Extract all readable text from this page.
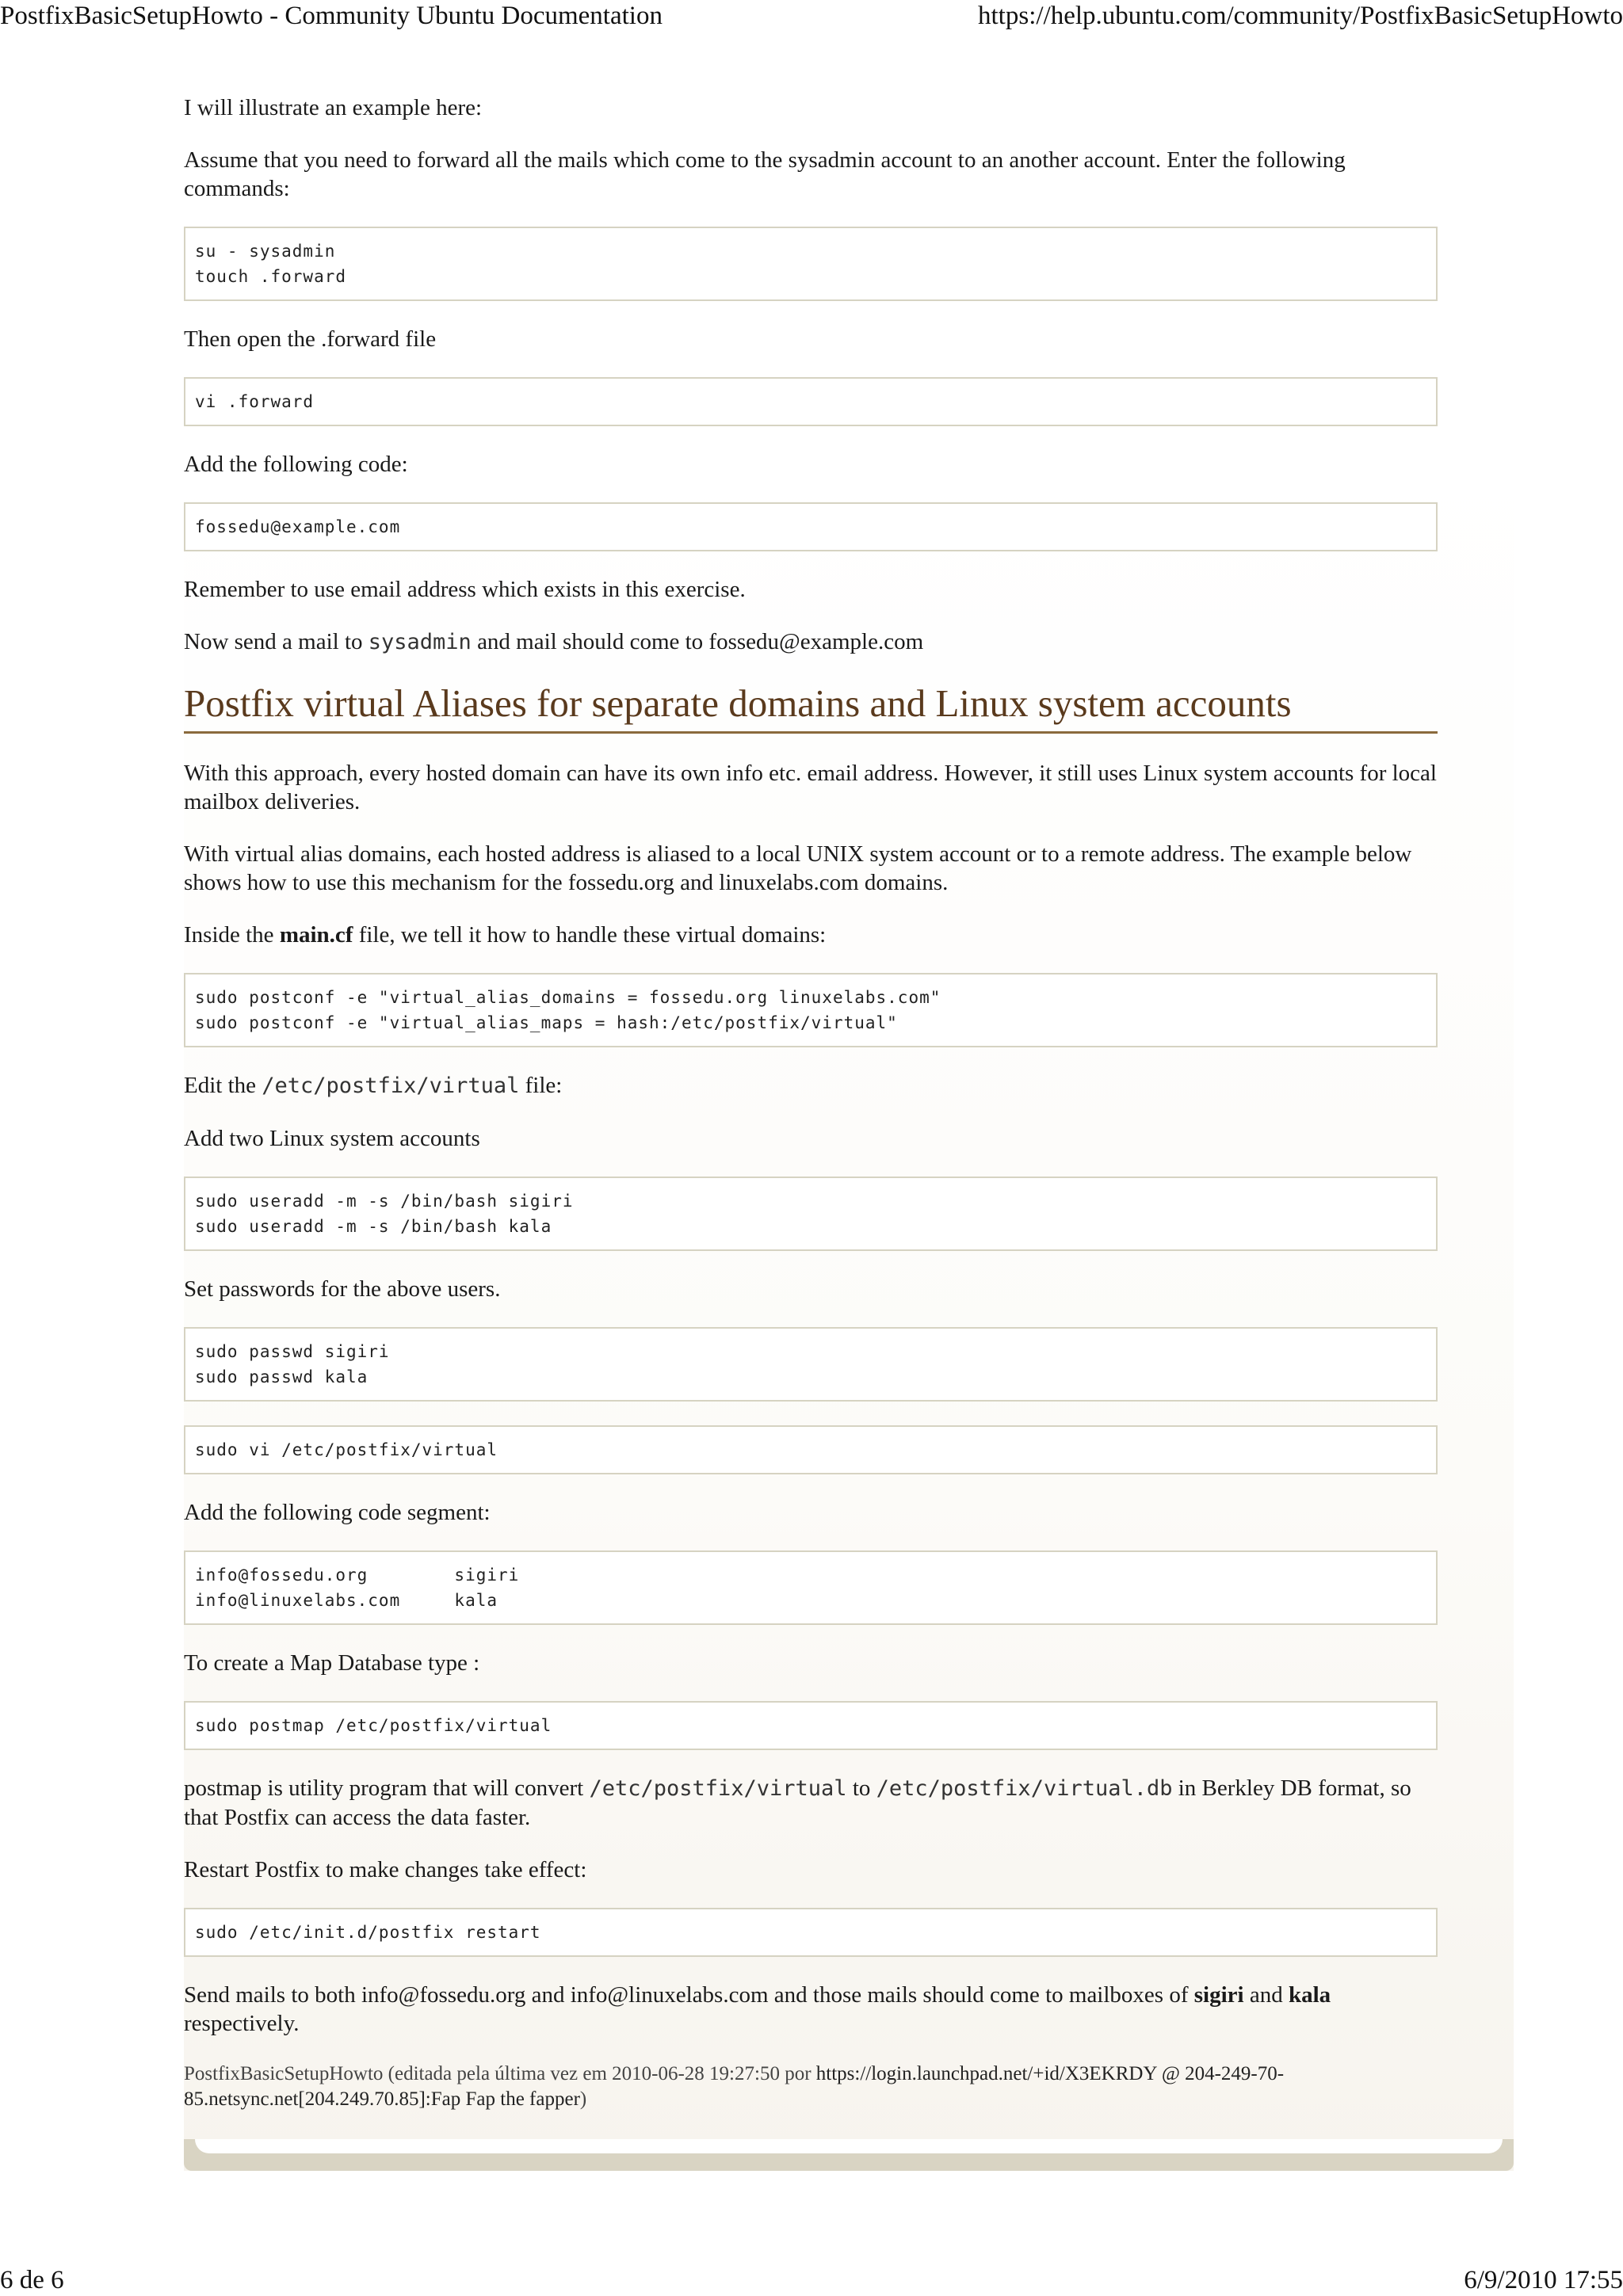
PostfixBasicSetupHowto - Community Ubuntu Documentation	https://help.ubuntu.com/community/PostfixBasicSetupHowto

I will illustrate an example here:

Assume that you need to forward all the mails which come to the sysadmin account to an another account. Enter the following commands:

su - sysadmin
touch .forward

Then open the .forward file

vi .forward

Add the following code:

fossedu@example.com

Remember to use email address which exists in this exercise.

Now send a mail to sysadmin and mail should come to fossedu@example.com

Postfix virtual Aliases for separate domains and Linux system accounts

With this approach, every hosted domain can have its own info etc. email address. However, it still uses Linux system accounts for local mailbox deliveries.

With virtual alias domains, each hosted address is aliased to a local UNIX system account or to a remote address. The example below shows how to use this mechanism for the fossedu.org and linuxelabs.com domains.

Inside the main.cf file, we tell it how to handle these virtual domains:

sudo postconf -e "virtual_alias_domains = fossedu.org linuxelabs.com"
sudo postconf -e "virtual_alias_maps = hash:/etc/postfix/virtual"

Edit the /etc/postfix/virtual file:

Add two Linux system accounts

sudo useradd -m -s /bin/bash sigiri
sudo useradd -m -s /bin/bash kala

Set passwords for the above users.

sudo passwd sigiri
sudo passwd kala
sudo vi /etc/postfix/virtual

Add the following code segment:

info@fossedu.org        sigiri
info@linuxelabs.com     kala

To create a Map Database type :

sudo postmap /etc/postfix/virtual

postmap is utility program that will convert /etc/postfix/virtual to /etc/postfix/virtual.db in Berkley DB format, so that Postfix can access the data faster.

Restart Postfix to make changes take effect:

sudo /etc/init.d/postfix restart

Send mails to both info@fossedu.org and info@linuxelabs.com and those mails should come to mailboxes of sigiri and kala respectively.

PostfixBasicSetupHowto (editada pela última vez em 2010-06-28 19:27:50 por https://login.launchpad.net/+id/X3EKRDY @ 204-249-70-85.netsync.net[204.249.70.85]:Fap Fap the fapper)
•
6 de 6	6/9/2010 17:55
